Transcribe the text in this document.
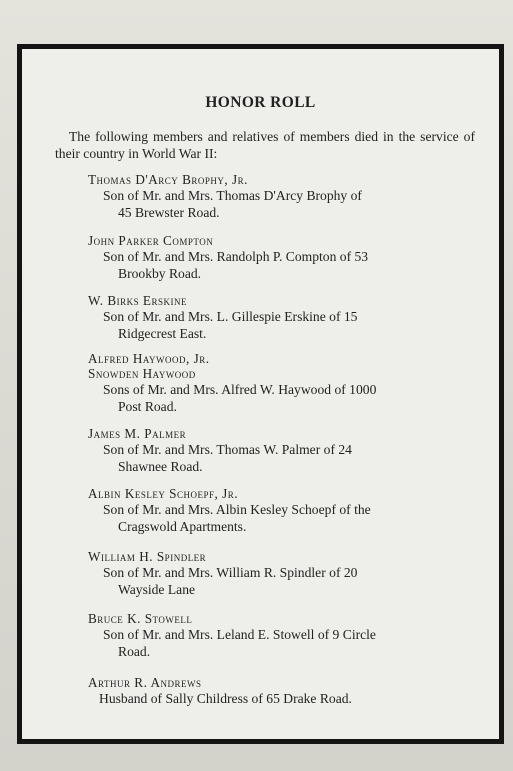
HONOR ROLL
The following members and relatives of members died in the service of their country in World War II:
Thomas D'Arcy Brophy, Jr.
Son of Mr. and Mrs. Thomas D'Arcy Brophy of
45 Brewster Road.
John Parker Compton
Son of Mr. and Mrs. Randolph P. Compton of 53
Brookby Road.
W. Birks Erskine
Son of Mr. and Mrs. L. Gillespie Erskine of 15
Ridgecrest East.
Alfred Haywood, Jr.
Snowden Haywood
Sons of Mr. and Mrs. Alfred W. Haywood of 1000
Post Road.
James M. Palmer
Son of Mr. and Mrs. Thomas W. Palmer of 24
Shawnee Road.
Albin Kesley Schoepf, Jr.
Son of Mr. and Mrs. Albin Kesley Schoepf of the
Cragswold Apartments.
William H. Spindler
Son of Mr. and Mrs. William R. Spindler of 20
Wayside Lane
Bruce K. Stowell
Son of Mr. and Mrs. Leland E. Stowell of 9 Circle
Road.
Arthur R. Andrews
Husband of Sally Childress of 65 Drake Road.
